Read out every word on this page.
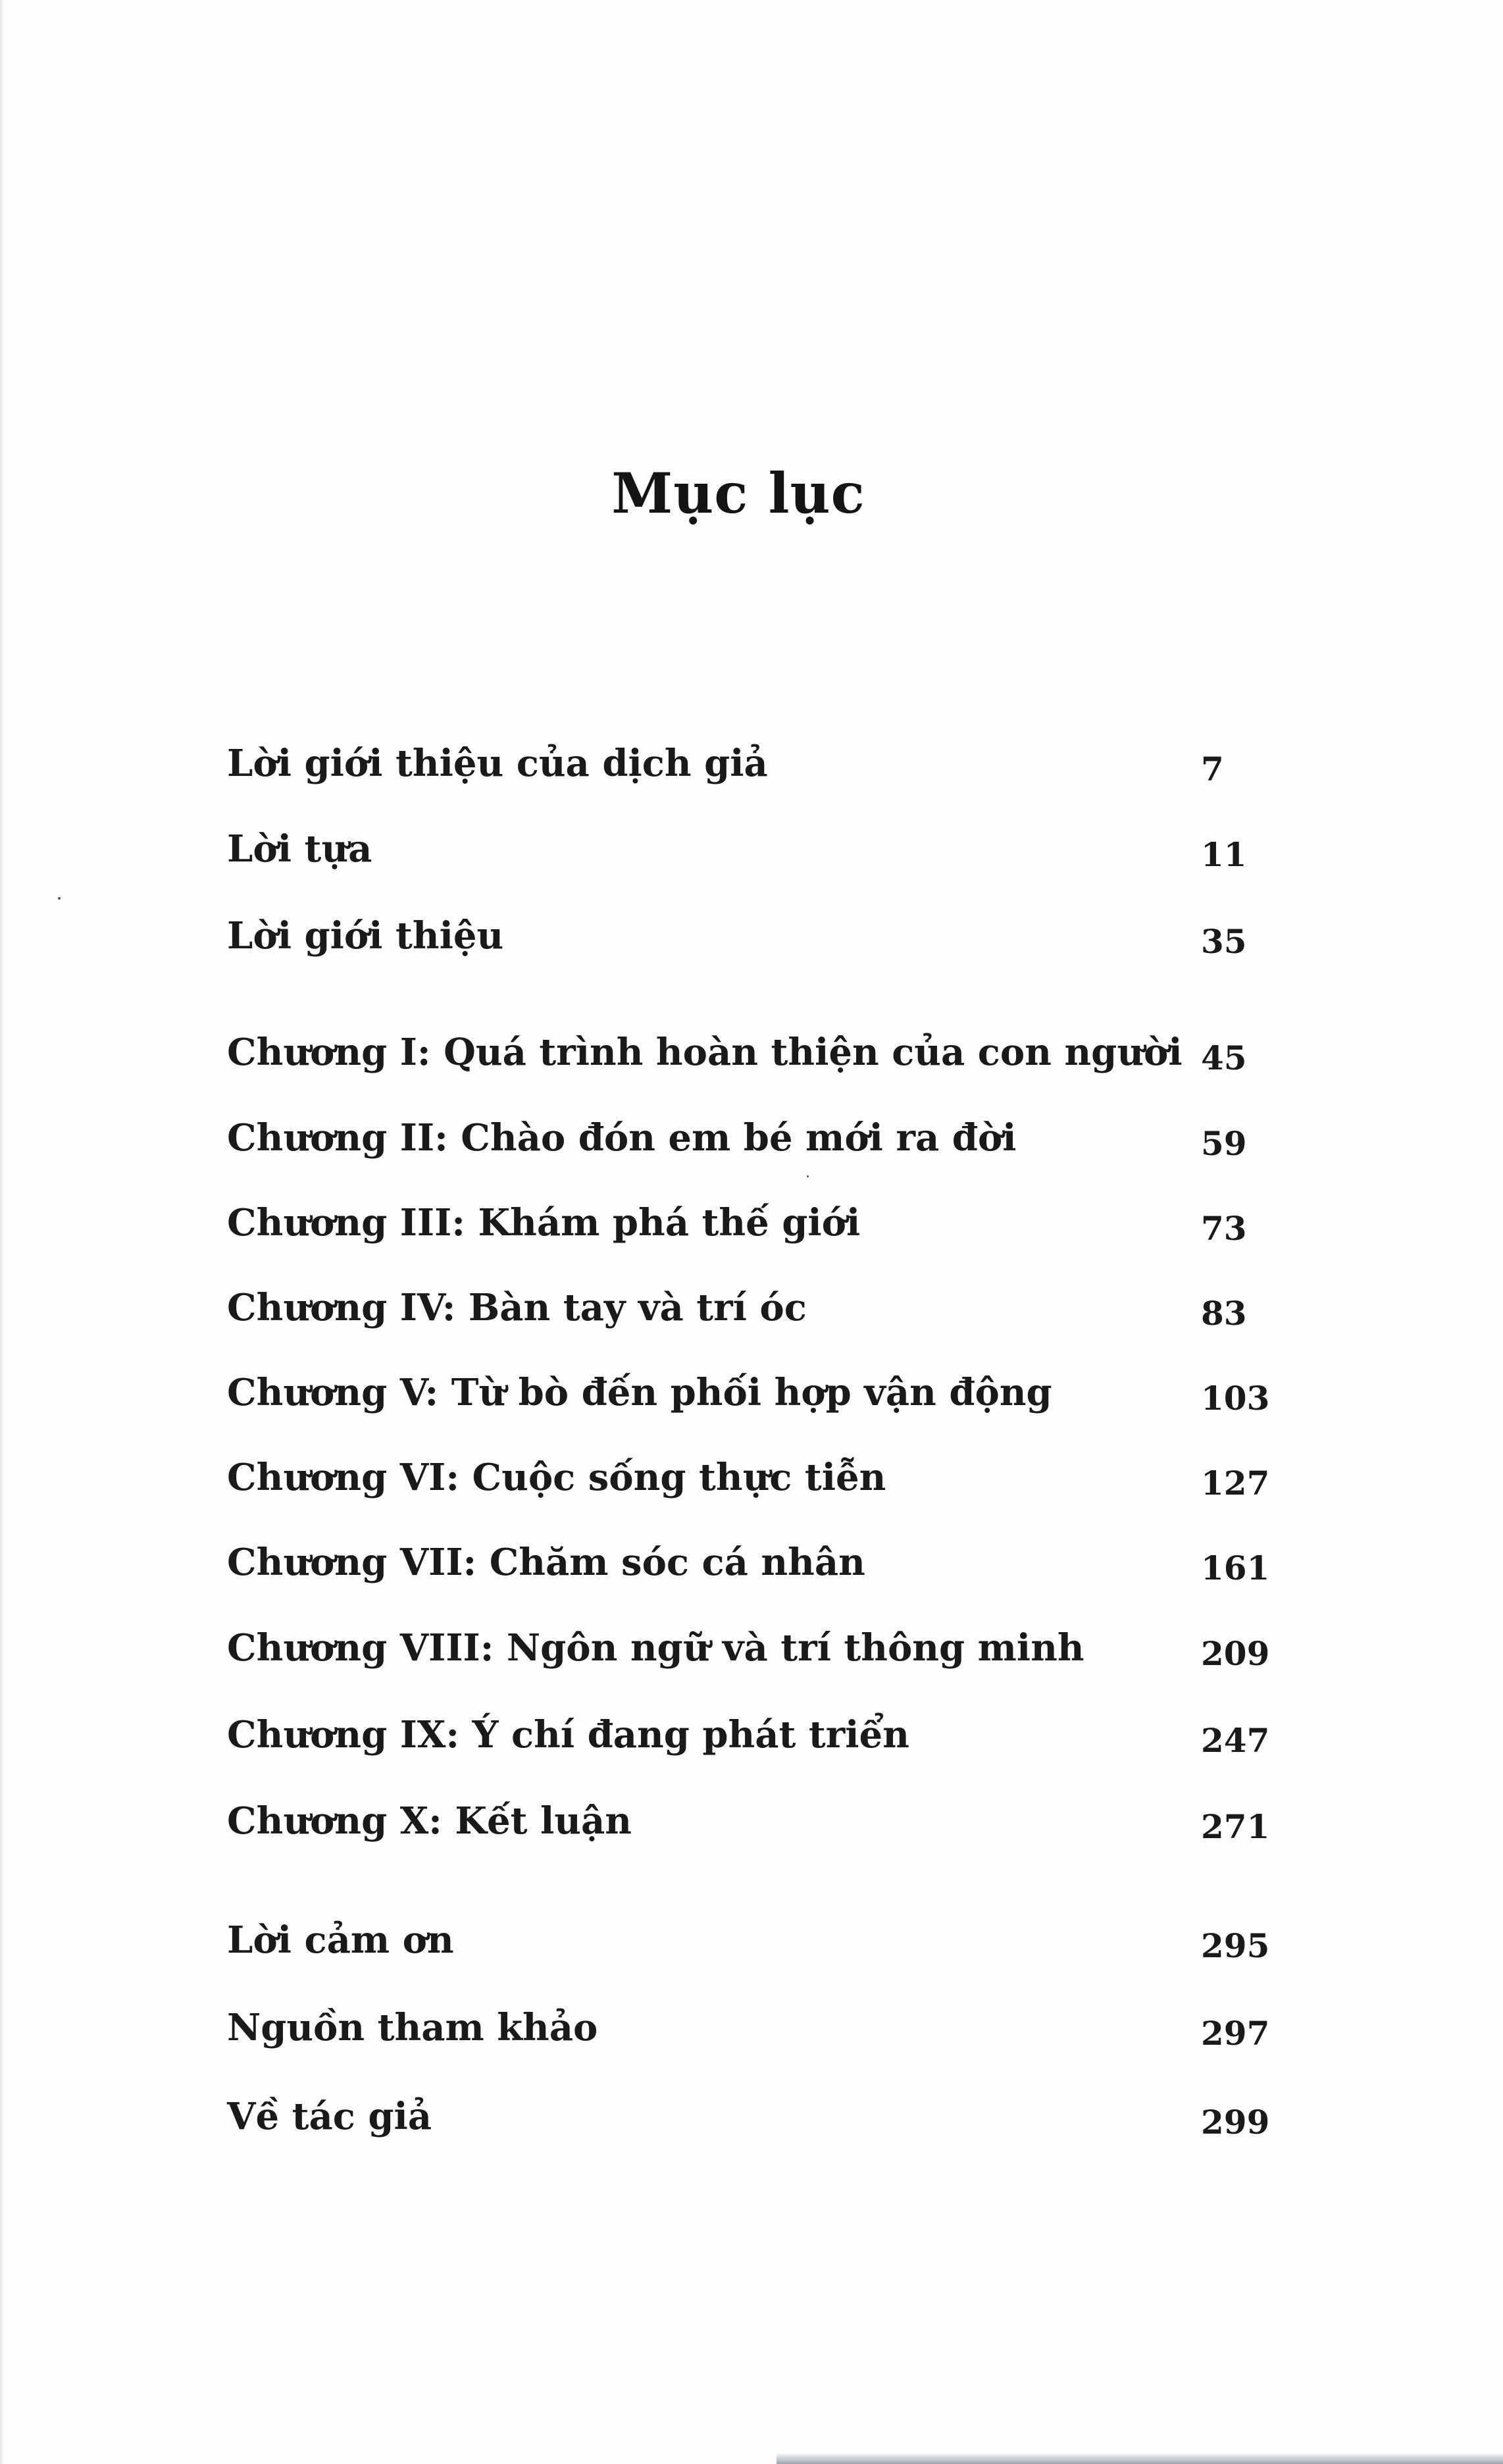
Mục lục
Lời giới thiệu của dịch giả	7
Lời tựa	11
Lời giới thiệu	35
Chương I: Quá trình hoàn thiện của con người 45
Chương II: Chào đón em bé mới ra đời	59
Chương III: Khám phá thế giới	73
Chương IV: Bàn tay và trí óc	83
Chương V: Từ bò đến phối hợp vận động	103
Chương VI: Cuộc sống thực tiễn	127
Chương VII: Chăm sóc cá nhân	161
Chương VIII: Ngôn ngữ và trí thông minh	209
Chương IX: Ý chí đang phát triển	247
Chương X: Kết luận	271
Lời cảm ơn	295
Nguồn tham khảo	297
Về tác giả	299
